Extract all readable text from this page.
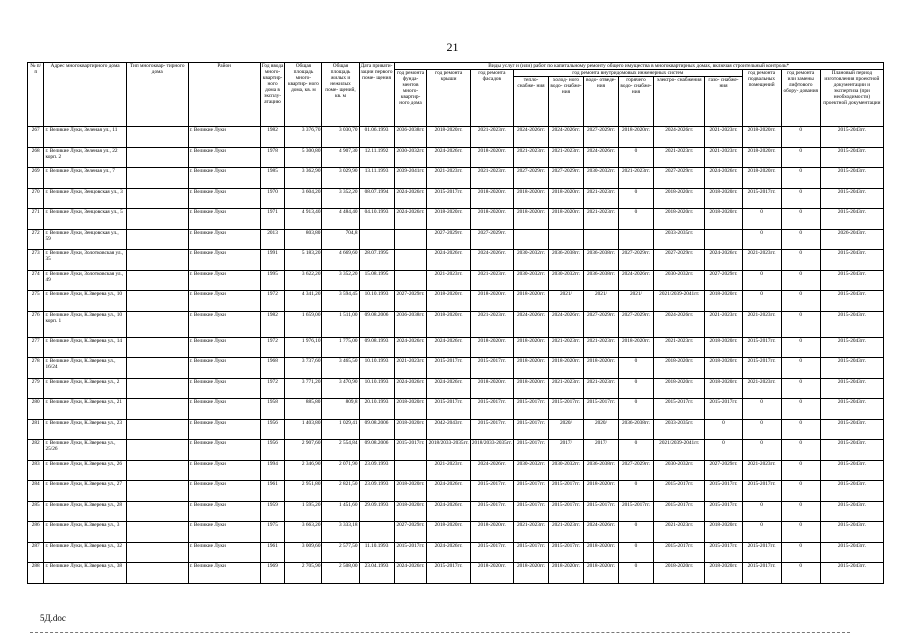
21
№ п/п	Адрес многоквартирного дома	Тип многоквар- тирного дома	Район	Год ввода много- квартир- ного дома в эксплу- атацию	Общая площадь много- квартир- ного дома, кв. м	Общая площадь жилых и нежилых поме- щений, кв. м	Дата привати- зации первого поме- щения	Виды услуг и (или) работ по капитальному ремонту общего имущества в многоквартирных домах, включая строительный контроль*											
								год ремонта фунда- ментов много- квартир- ного дома	год ремонта крыши	год ремонта фасадов	год ремонта внутридомовых инженерных систем						год ремонта подвальных помещений	год ремонта или замены лифтового обору- дования	Плановый период изготовления проектной документации и экспертиза (при необходимости) проектной документации
											тепло- снабже- ния	холод- ного водо- снабже- ния	водо- отведе- ния	горячего водо- снабже- ния	электро- снабжения	газо- снабже- ния			
267	г. Великие Луки, Зеленая ул., 11		г. Великие Луки	1982	3 376,70	3 030,70	01.06.1993	2036-2038гг.	2018-2020гг.	2021-2023гг.	2024-2026гг.	2024-2026гг.	2027-2029гг.	2018-2020гг.	2024-2026гг.	2021-2023гг.	2018-2020гг.	0	2015-2043гг.
268	г. Великие Луки, Зеленая ул., 22 корп. 2		г. Великие Луки	1978	5 300,80	4 907,30	12.11.1992	2030-2032гг.	2024-2026гг.	2018-2020гг.	2021-2023гг.	2021-2023гг.	2024-2026гг.	0	2021-2023гг.	2021-2023гг.	2018-2020гг.	0	2015-2043гг.
269	г. Великие Луки, Зеленая ул., 7		г. Великие Луки	1985	3 362,90	3 029,90	13.11.1993	2039-2041гг.	2021-2023гг.	2021-2023гг.	2027-2029гг.	2027-2029гг.	2030-2032гг.	2021-2023гг.	2027-2029гг.	2024-2026гг.	2018-2020гг.	0	2015-2043гг.
270	г. Великие Луки, Зенцовская ул., 3		г. Великие Луки	1970	3 604,20	3 352,20	08.07.1994	2024-2026гг.	2015-2017гг.	2018-2020гг.	2018-2020гг.	2018-2020гг.	2021-2023гг.	0	2018-2020гг.	2018-2020гг.	2015-2017гг.	0	2015-2043гг.
271	г. Великие Луки, Зенцовская ул., 5		г. Великие Луки	1971	4 913,40	4 484,40	04.10.1993	2024-2026гг.	2018-2020гг.	2018-2020гг.	2018-2020гг.	2018-2020гг.	2021-2023гг.	0	2018-2020гг.	2018-2020гг.	0	0	2015-2043гг.
272	г. Великие Луки, Зенцовская ул., 59		г. Великие Луки	2013	803,80	704,8			2027-2029гг.	2027-2029гг.					2033-2035гг.		0	0	2026-2043гг.
273	г. Великие Луки, Золотковская ул., 35		г. Великие Луки	1991	5 183,20	4 669,60	28.07.1995		2024-2026гг.	2024-2026гг.	2030-2032гг.	2036-2038гг.	2036-2038гг.	2027-2029гг.	2027-2029гг.	2024-2026гг.	2021-2023гг.	0	2015-2043гг.
274	г. Великие Луки, Золотковская ул., 49		г. Великие Луки	1995	3 622,20	3 352,20	15.08.1995		2021-2023гг.	2021-2023гг.	2030-2032гг.	2030-2032гг.	2036-2038гг.	2024-2026гг.	2030-2032гг.	2027-2029гг.	0	0	2015-2043гг.
275	г. Великие Луки, К.Зверева ул., 10		г. Великие Луки	1972	4 341,20	3 594,45	10.10.1993	2027-2029гг.	2018-2020гг.	2018-2020гг.	2018-2020гг.	2021/	2021/	2021/	2021/2039-2041гг.	2018-2020гг.	0	0	2015-2043гг.
276	г. Великие Луки, К.Зверева ул., 10 корп. 1		г. Великие Луки	1982	1 659,00	1 511,00	09.08.2006	2036-2038гг.	2018-2020гг.	2021-2023гг.	2024-2026гг.	2024-2026гг.	2027-2029гг.	2027-2029гг.	2024-2026гг.	2021-2023гг.	2021-2023гг.	0	2015-2043гг.
277	г. Великие Луки, К.Зверева ул., 14		г. Великие Луки	1972	1 976,10	1 775,00	09.08.1993	2024-2026гг.	2024-2026гг.	2018-2020гг.	2018-2020гг.	2021-2023гг.	2021-2023гг.	2018-2020гг.	2021-2023гг.	2018-2020гг.	2015-2017гг.	0	2015-2043гг.
278	г. Великие Луки, К.Зверева ул., 16/24		г. Великие Луки	1968	3 737,60	3 465,50	10.10.1993	2021-2023гг.	2015-2017гг.	2015-2017гг.	2018-2020гг.	2018-2020гг.	2018-2020гг.	0	2018-2020гг.	2018-2020гг.	2015-2017гг.	0	2015-2043гг.
279	г. Великие Луки, К.Зверева ул., 2		г. Великие Луки	1972	3 771,20	3 470,90	10.10.1993	2024-2026гг.	2024-2026гг.	2018-2020гг.	2018-2020гг.	2021-2023гг.	2021-2023гг.	0	2018-2020гг.	2018-2020гг.	2021-2023гг.	0	2015-2043гг.
280	г. Великие Луки, К.Зверева ул., 21		г. Великие Луки	1958	885,80	809,8	20.10.1993	2018-2020гг.	2015-2017гг.	2015-2017гг.	2015-2017гг.	2015-2017гг.	2015-2017гг.	0	2015-2017гг.	2015-2017гг.	0	0	2015-2043гг.
281	г. Великие Луки, К.Зверева ул., 23		г. Великие Луки	1956	1 403,80	1 029,41	09.08.2006	2018-2020гг.	2042-2043гг.	2015-2017гг.	2015-2017гг.	2020/	2020/	2036-2038гг.	2033-2035гг.	0	0	0	2015-2043гг.
282	г. Великие Луки, К.Зверева ул., 25/26		г. Великие Луки	1956	2 907,60	2 554,84	09.08.2006	2015-2017гг.	2018/2033-2035гг.	2018/2033-2035гг.	2015-2017гг.	2017/	2017/	0	2021/2039-2041гг.	0	0	0	2015-2043гг.
283	г. Великие Луки, К.Зверева ул., 26		г. Великие Луки	1994	2 346,90	2 071,90	23.09.1993		2021-2023гг.	2024-2026гг.	2030-2032гг.	2030-2032гг.	2036-2038гг.	2027-2029гг.	2030-2032гг.	2027-2029гг.	2021-2023гг.	0	2015-2043гг.
284	г. Великие Луки, К.Зверева ул., 27		г. Великие Луки	1961	2 951,80	2 821,50	23.09.1993	2018-2020гг.	2024-2026гг.	2015-2017гг.	2015-2017гг.	2015-2017гг.	2018-2020гг.	0	2015-2017гг.	2015-2017гг.	2015-2017гг.	0	2015-2043гг.
285	г. Великие Луки, К.Зверева ул., 28		г. Великие Луки	1959	1 595,20	1 451,60	29.09.1993	2018-2020гг.	2024-2026гг.	2015-2017гг.	2015-2017гг.	2015-2017гг.	2015-2017гг.	2015-2017гг.	2015-2017гг.	2015-2017гг.	0	0	2015-2043гг.
286	г. Великие Луки, К.Зверева ул., 3		г. Великие Луки	1975	3 663,20	3 333,18		2027-2029гг.	2018-2020гг.	2018-2020гг.	2021-2023гг.	2021-2023гг.	2024-2026гг.	0	2021-2023гг.	2018-2020гг.	0	0	2015-2043гг.
287	г. Великие Луки, К.Зверева ул., 32		г. Великие Луки	1961	3 009,60	2 577,50	11.10.1993	2015-2017гг.	2024-2026гг.	2015-2017гг.	2015-2017гг.	2015-2017гг.	2018-2020гг.	0	2015-2017гг.	2015-2017гг.	2015-2017гг.	0	2015-2043гг.
288	г. Великие Луки, К.Зверева ул., 38		г. Великие Луки	1969	2 705,90	2 508,00	23.04.1993	2024-2026гг.	2015-2017гг.	2018-2020гг.	2018-2020гг.	2018-2020гг.	2018-2020гг.	0	2018-2020гг.	2018-2020гг.	2015-2017гг.	0	2015-2043гг.
5Д.doc
